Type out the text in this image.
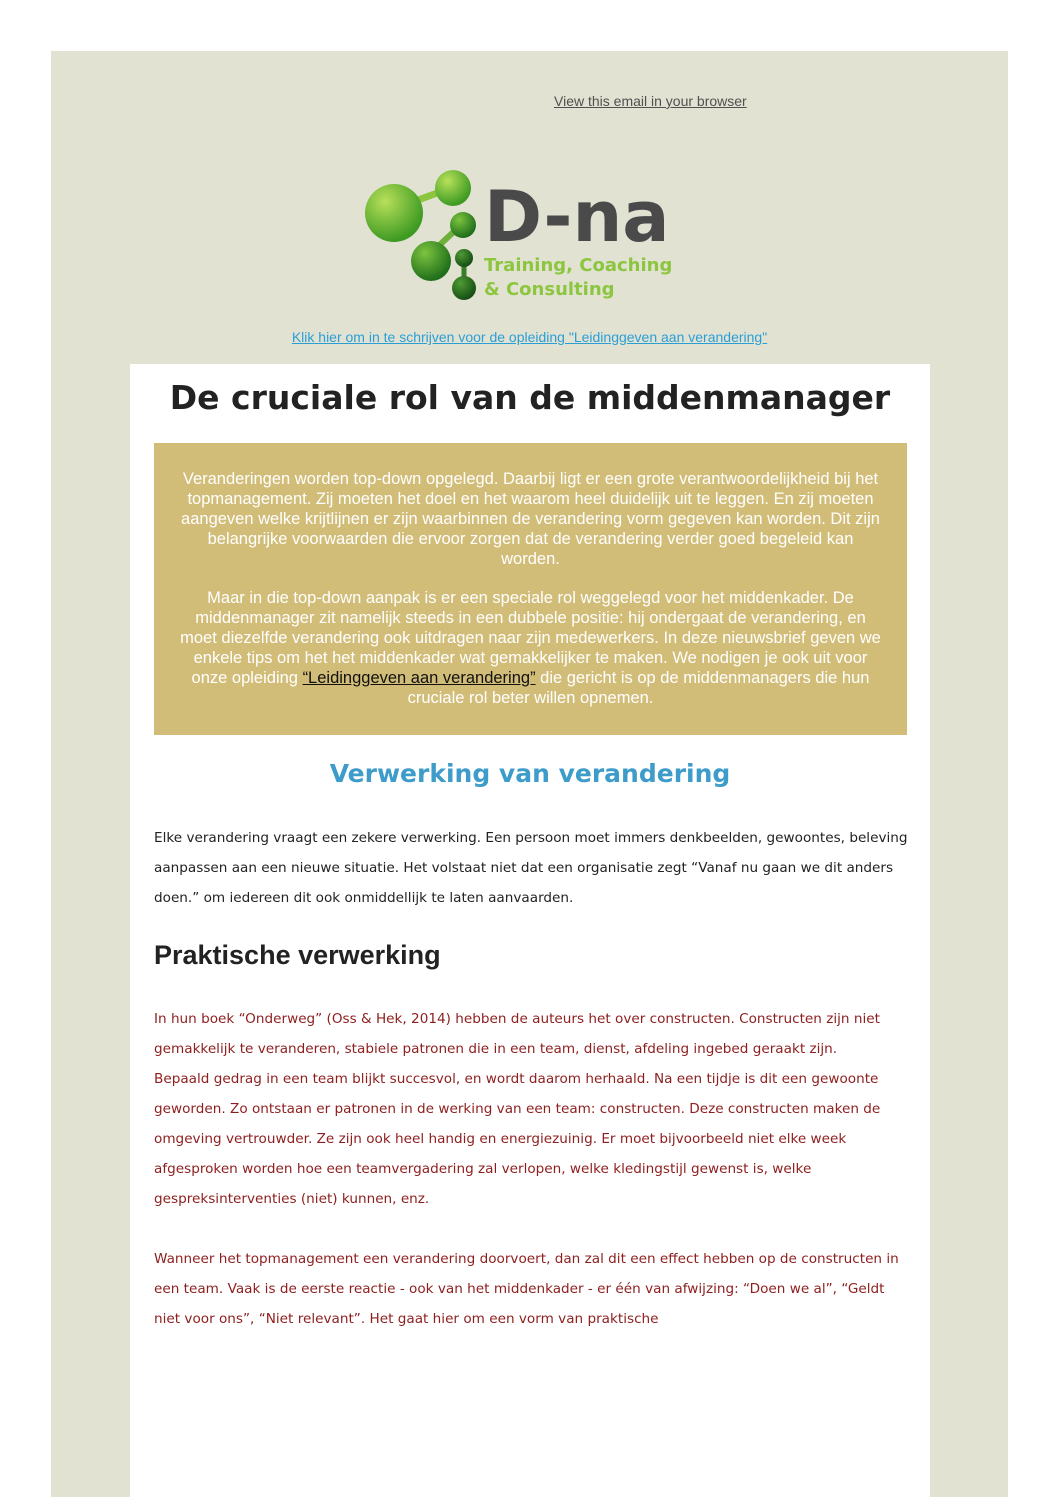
View this email in your browser
D-na
Training, Coaching
& Consulting
Klik hier om in te schrijven voor de opleiding "Leidinggeven aan verandering"
De cruciale rol van de middenmanager

Veranderingen worden top-down opgelegd. Daarbij ligt er een grote verantwoordelijkheid bij het topmanagement. Zij moeten het doel en het waarom heel duidelijk uit te leggen. En zij moeten aangeven welke krijtlijnen er zijn waarbinnen de verandering vorm gegeven kan worden. Dit zijn belangrijke voorwaarden die ervoor zorgen dat de verandering verder goed begeleid kan worden.

Maar in die top-down aanpak is er een speciale rol weggelegd voor het middenkader. De middenmanager zit namelijk steeds in een dubbele positie: hij ondergaat de verandering, en moet diezelfde verandering ook uitdragen naar zijn medewerkers. In deze nieuwsbrief geven we enkele tips om het het middenkader wat gemakkelijker te maken. We nodigen je ook uit voor onze opleiding “Leidinggeven aan verandering” die gericht is op de middenmanagers die hun cruciale rol beter willen opnemen.

Verwerking van verandering

Elke verandering vraagt een zekere verwerking. Een persoon moet immers denkbeelden, gewoontes, beleving aanpassen aan een nieuwe situatie. Het volstaat niet dat een organisatie zegt “Vanaf nu gaan we dit anders doen.” om iedereen dit ook onmiddellijk te laten aanvaarden.

Praktische verwerking

In hun boek “Onderweg” (Oss & Hek, 2014) hebben de auteurs het over constructen. Constructen zijn niet gemakkelijk te veranderen, stabiele patronen die in een team, dienst, afdeling ingebed geraakt zijn.

Bepaald gedrag in een team blijkt succesvol, en wordt daarom herhaald. Na een tijdje is dit een gewoonte geworden. Zo ontstaan er patronen in de werking van een team: constructen. Deze constructen maken de omgeving vertrouwder. Ze zijn ook heel handig en energiezuinig. Er moet bijvoorbeeld niet elke week afgesproken worden hoe een teamvergadering zal verlopen, welke kledingstijl gewenst is, welke gespreksinterventies (niet) kunnen, enz.

Wanneer het topmanagement een verandering doorvoert, dan zal dit een effect hebben op de constructen in een team. Vaak is de eerste reactie - ook van het middenkader - er één van afwijzing: “Doen we al”, “Geldt niet voor ons”, “Niet relevant”. Het gaat hier om een vorm van praktische
